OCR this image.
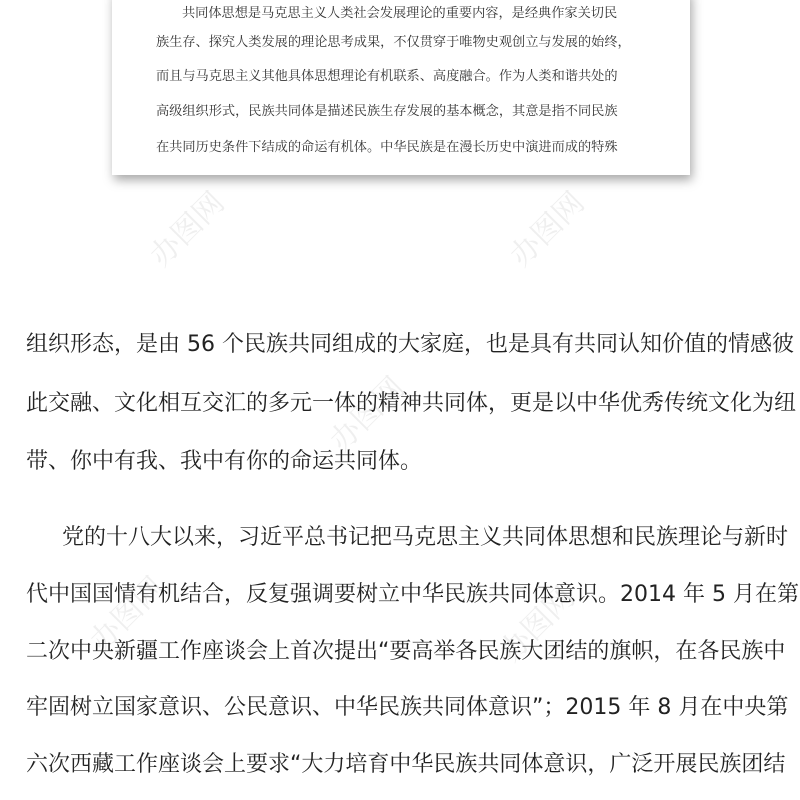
共同体思想是马克思主义人类社会发展理论的重要内容，是经典作家关切民
族生存、探究人类发展的理论思考成果，不仅贯穿于唯物史观创立与发展的始终，
而且与马克思主义其他具体思想理论有机联系、高度融合。作为人类和谐共处的
高级组织形式，民族共同体是描述民族生存发展的基本概念，其意是指不同民族
在共同历史条件下结成的命运有机体。中华民族是在漫长历史中演进而成的特殊
办图网	办图网
办图网
办图网	办图网
组织形态，是由 56 个民族共同组成的大家庭，也是具有共同认知价值的情感彼
此交融、文化相互交汇的多元一体的精神共同体，更是以中华优秀传统文化为纽
带、你中有我、我中有你的命运共同体。
党的十八大以来，习近平总书记把马克思主义共同体思想和民族理论与新时
代中国国情有机结合，反复强调要树立中华民族共同体意识。2014 年 5 月在第
二次中央新疆工作座谈会上首次提出“要高举各民族大团结的旗帜，在各民族中
牢固树立国家意识、公民意识、中华民族共同体意识”；2015 年 8 月在中央第
六次西藏工作座谈会上要求“大力培育中华民族共同体意识，广泛开展民族团结
